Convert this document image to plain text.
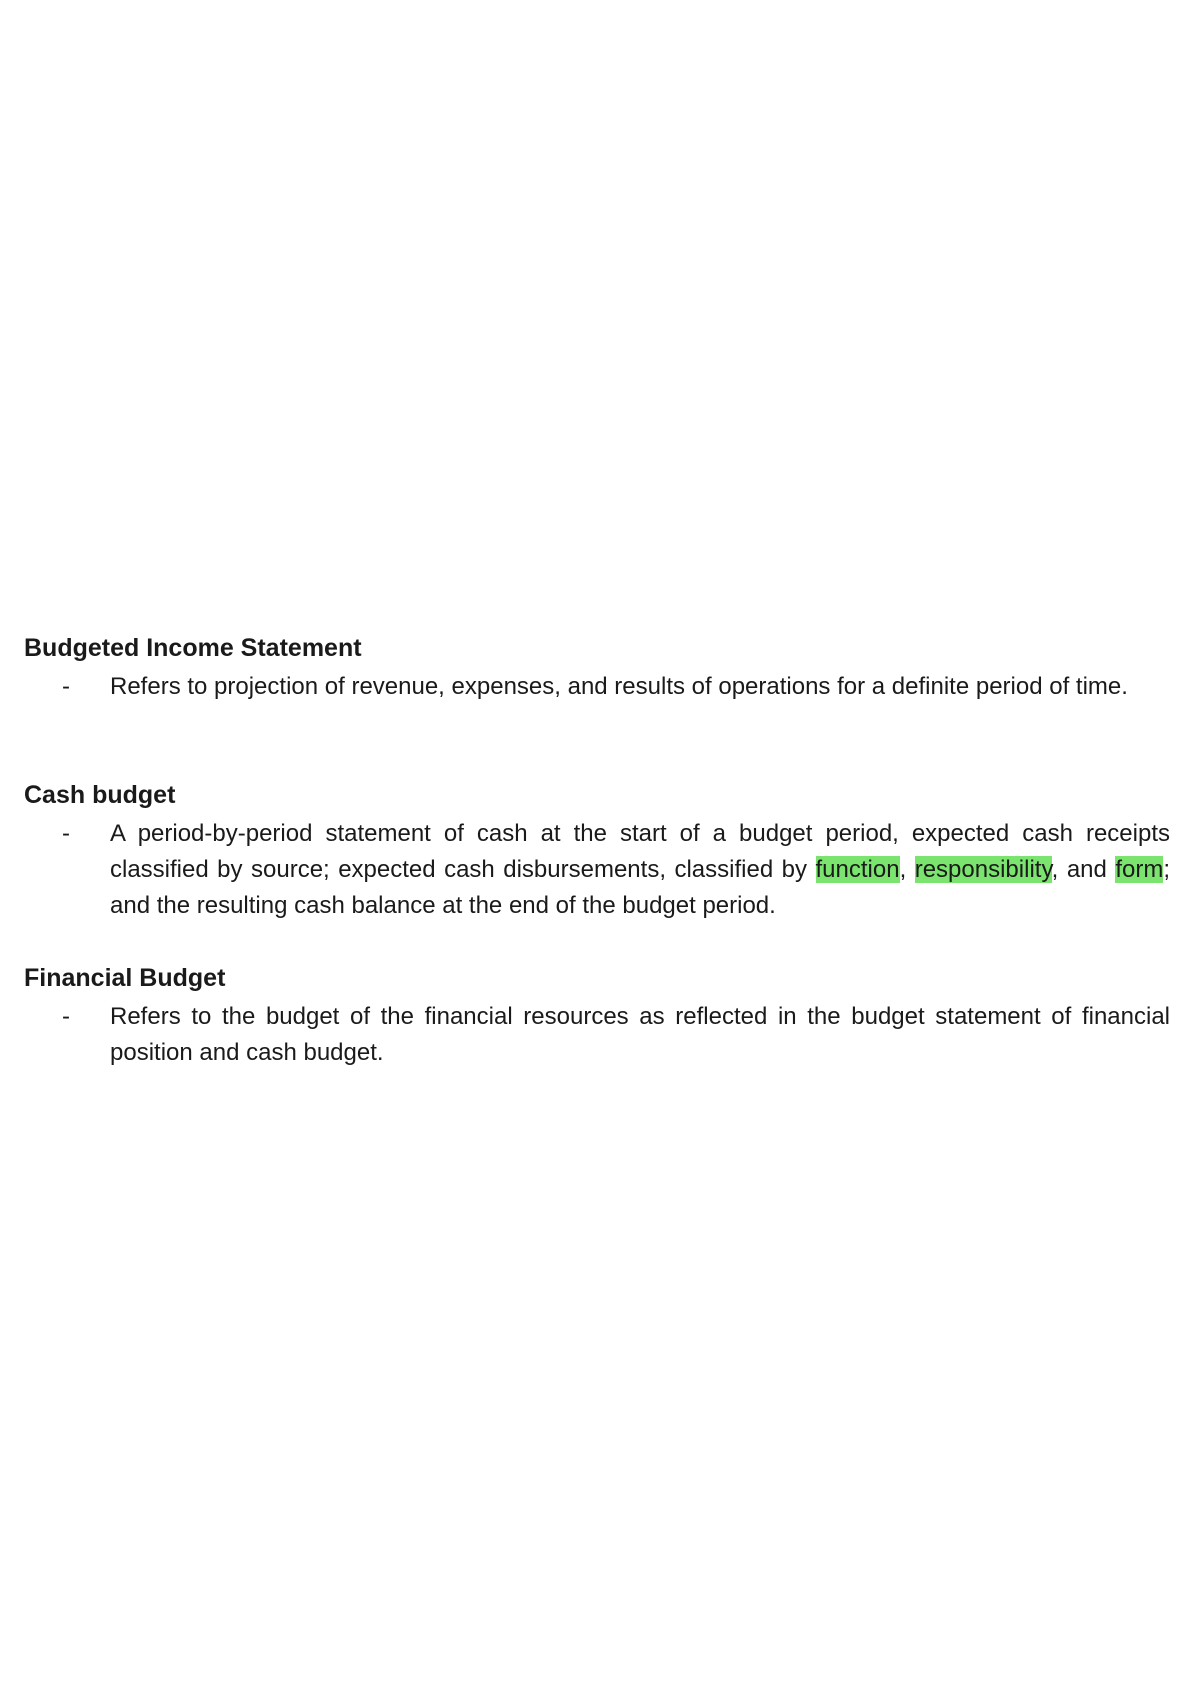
Budgeted Income Statement
-	Refers to projection of revenue, expenses, and results of operations for a definite period of time.
Cash budget
-	A period-by-period statement of cash at the start of a budget period, expected cash receipts classified by source; expected cash disbursements, classified by function, responsibility, and form; and the resulting cash balance at the end of the budget period.
Financial Budget
-	Refers to the budget of the financial resources as reflected in the budget statement of financial position and cash budget.
